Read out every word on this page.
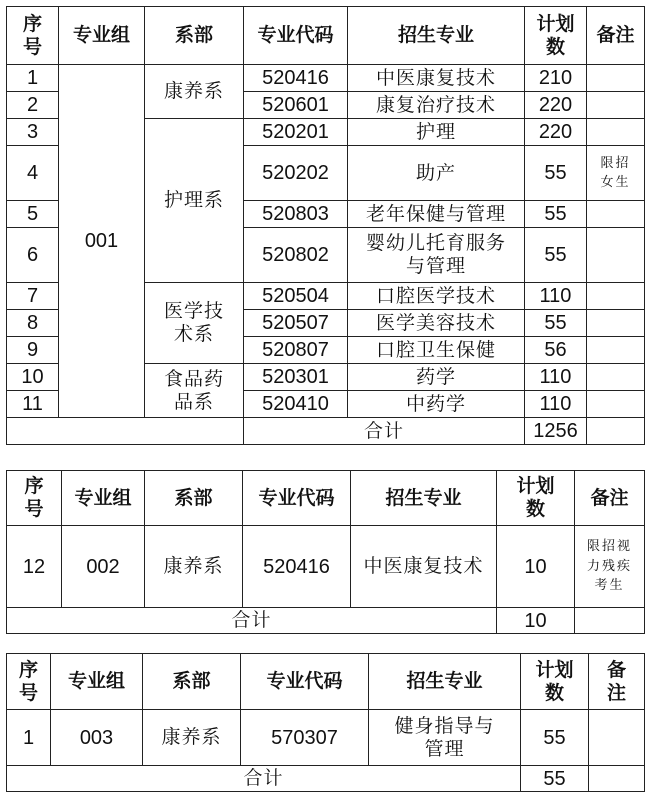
序号	专业组	系部	专业代码	招生专业	计划数	备注
1	001	康养系	520416	中医康复技术	210	
2			520601	康复治疗技术	220	
3		护理系	520201	护理	220	
4			520202	助产	55	限招女生
5			520803	老年保健与管理	55	
6			520802	婴幼儿托育服务与管理	55	
7		医学技术系	520504	口腔医学技术	110	
8			520507	医学美容技术	55	
9			520807	口腔卫生保健	56	
10		食品药品系	520301	药学	110	
11			520410	中药学	110	
			合计		1256	
序号	专业组	系部	专业代码	招生专业	计划数	备注
12	002	康养系	520416	中医康复技术	10	限招视力残疾考生
合计					10	
序号	专业组	系部	专业代码	招生专业	计划数	备注
1	003	康养系	570307	健身指导与管理	55	
合计					55	
